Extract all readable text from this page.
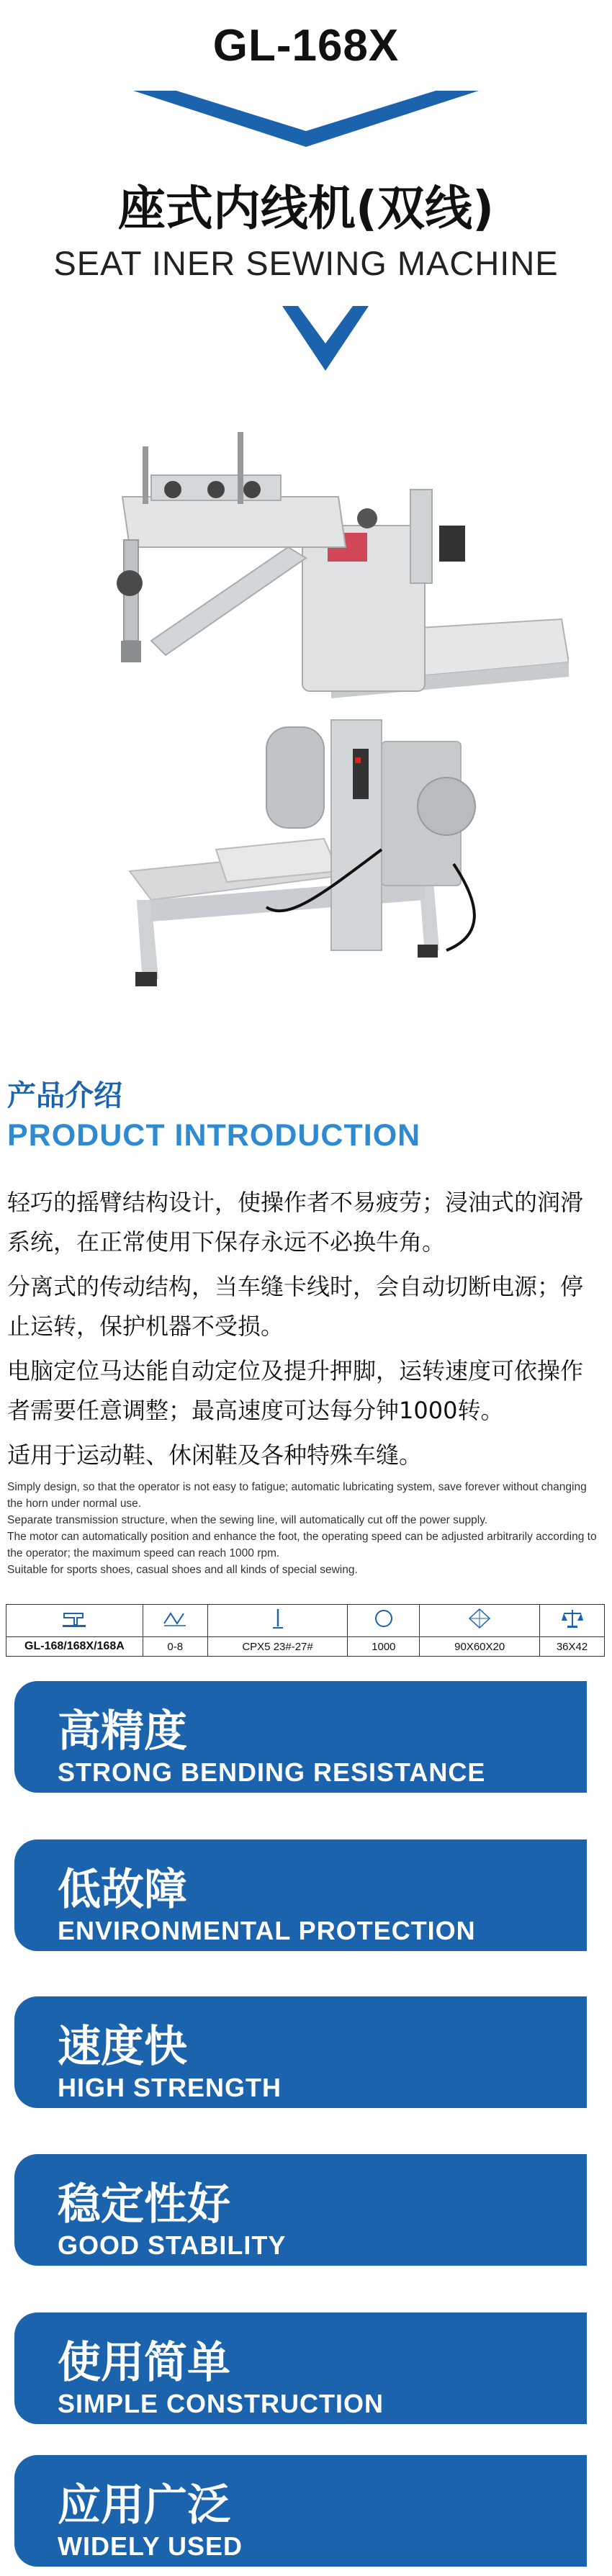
GL-168X
座式内线机(双线)
SEAT INER SEWING MACHINE
产品介绍
PRODUCT INTRODUCTION

轻巧的摇臂结构设计，使操作者不易疲劳；浸油式的润滑系统，在正常使用下保存永远不必换牛角。

分离式的传动结构，当车缝卡线时，会自动切断电源；停止运转，保护机器不受损。

电脑定位马达能自动定位及提升押脚，运转速度可依操作者需要任意调整；最高速度可达每分钟1000转。

适用于运动鞋、休闲鞋及各种特殊车缝。

Simply design, so that the operator is not easy to fatigue; automatic lubricating system, save forever without changing the horn under normal use.

Separate transmission structure, when the sewing line, will automatically cut off the power supply.

The motor can automatically position and enhance the foot, the operating speed can be adjusted arbitrarily according to the operator; the maximum speed can reach 1000 rpm.

Suitable for sports shoes, casual shoes and all kinds of special sewing.

GL-168/168X/168A	0-8	CPX5 23#-27#	1000	90X60X20	36X42
高精度
STRONG BENDING RESISTANCE
低故障
ENVIRONMENTAL PROTECTION
速度快
HIGH STRENGTH
稳定性好
GOOD STABILITY
使用简单
SIMPLE CONSTRUCTION
应用广泛
WIDELY USED
